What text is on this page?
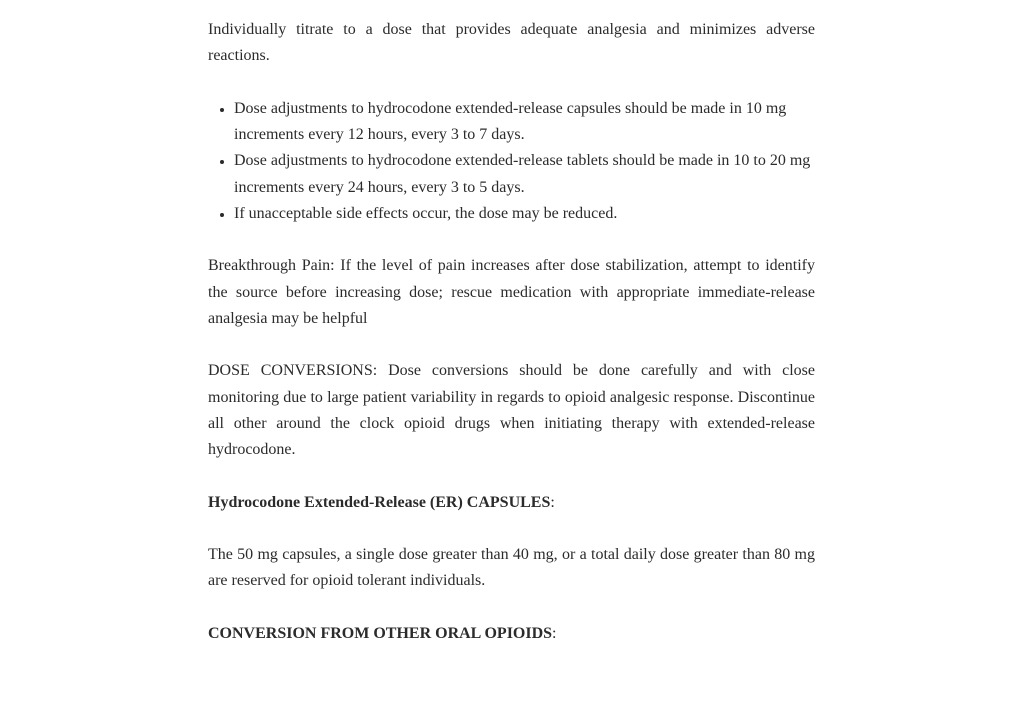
Individually titrate to a dose that provides adequate analgesia and minimizes adverse reactions.

• Dose adjustments to hydrocodone extended-release capsules should be made in 10 mg increments every 12 hours, every 3 to 7 days.
• Dose adjustments to hydrocodone extended-release tablets should be made in 10 to 20 mg increments every 24 hours, every 3 to 5 days.
• If unacceptable side effects occur, the dose may be reduced.

Breakthrough Pain: If the level of pain increases after dose stabilization, attempt to identify the source before increasing dose; rescue medication with appropriate immediate-release analgesia may be helpful

DOSE CONVERSIONS: Dose conversions should be done carefully and with close monitoring due to large patient variability in regards to opioid analgesic response. Discontinue all other around the clock opioid drugs when initiating therapy with extended-release hydrocodone.

Hydrocodone Extended-Release (ER) CAPSULES:

The 50 mg capsules, a single dose greater than 40 mg, or a total daily dose greater than 80 mg are reserved for opioid tolerant individuals.

CONVERSION FROM OTHER ORAL OPIOIDS:
